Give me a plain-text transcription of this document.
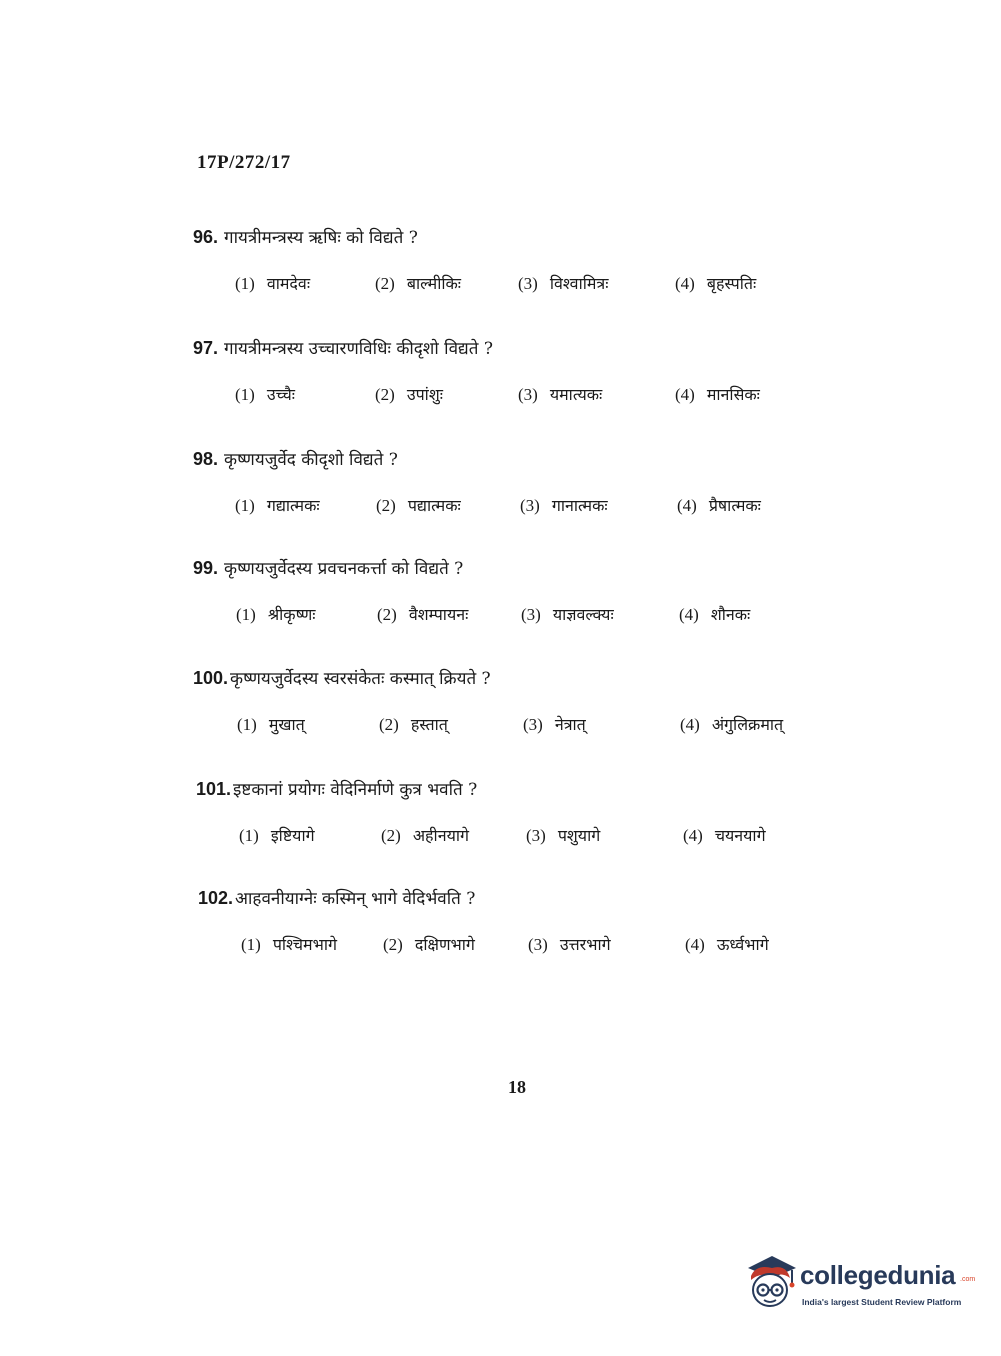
17P/272/17
96. गायत्रीमन्त्रस्य ऋषिः को विद्यते ?
(1) वामदेवः	(2) बाल्मीकिः	(3) विश्वामित्रः	(4) बृहस्पतिः
97. गायत्रीमन्त्रस्य उच्चारणविधिः कीदृशो विद्यते ?
(1) उच्चैः	(2) उपांशुः	(3) यमात्यकः	(4) मानसिकः
98. कृष्णयजुर्वेद कीदृशो विद्यते ?
(1) गद्यात्मकः	(2) पद्यात्मकः	(3) गानात्मकः	(4) प्रैषात्मकः
99. कृष्णयजुर्वेदस्य प्रवचनकर्त्ता को विद्यते ?
(1) श्रीकृष्णः	(2) वैशम्पायनः	(3) याज्ञवल्क्यः	(4) शौनकः
100. कृष्णयजुर्वेदस्य स्वरसंकेतः कस्मात् क्रियते ?
(1) मुखात्	(2) हस्तात्	(3) नेत्रात्	(4) अंगुलिक्रमात्
101. इष्टकानां प्रयोगः वेदिनिर्माणे कुत्र भवति ?
(1) इष्टियागे	(2) अहीनयागे	(3) पशुयागे	(4) चयनयागे
102. आहवनीयाग्नेः कस्मिन् भागे वेदिर्भवति ?
(1) पश्चिमभागे	(2) दक्षिणभागे	(3) उत्तरभागे	(4) ऊर्ध्वभागे
18
collegedunia .com
India's largest Student Review Platform
